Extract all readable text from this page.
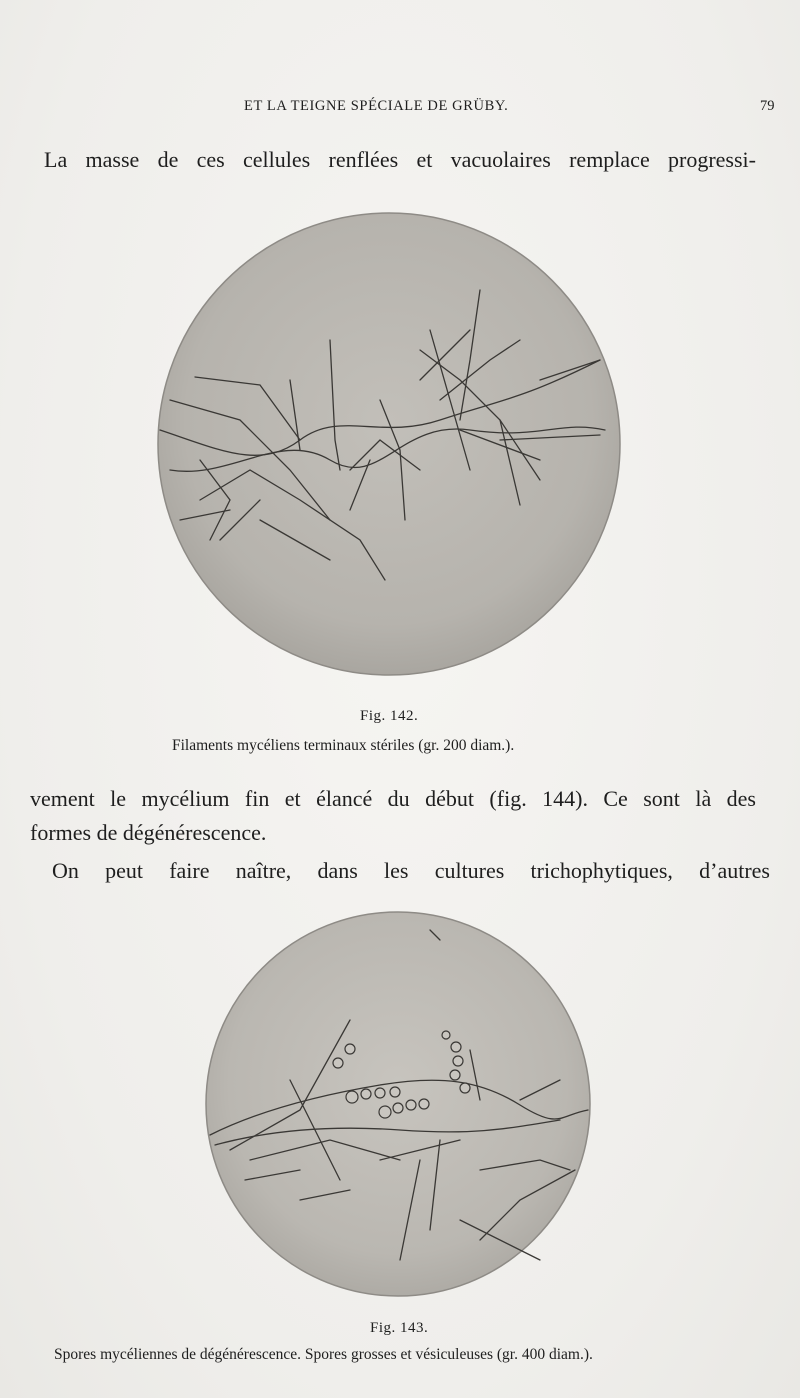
ET LA TEIGNE SPÉCIALE DE GRÜBY.	79
La masse de ces cellules renflées et vacuolaires remplace progressi-
Fig. 142.
Filaments mycéliens terminaux stériles (gr. 200 diam.).
vement le mycélium fin et élancé du début (fig. 144). Ce sont là des
formes de dégénérescence.
On peut faire naître, dans les cultures trichophytiques, d’autres
Fig. 143.
Spores mycéliennes de dégénérescence. Spores grosses et vésiculeuses (gr. 400 diam.).
